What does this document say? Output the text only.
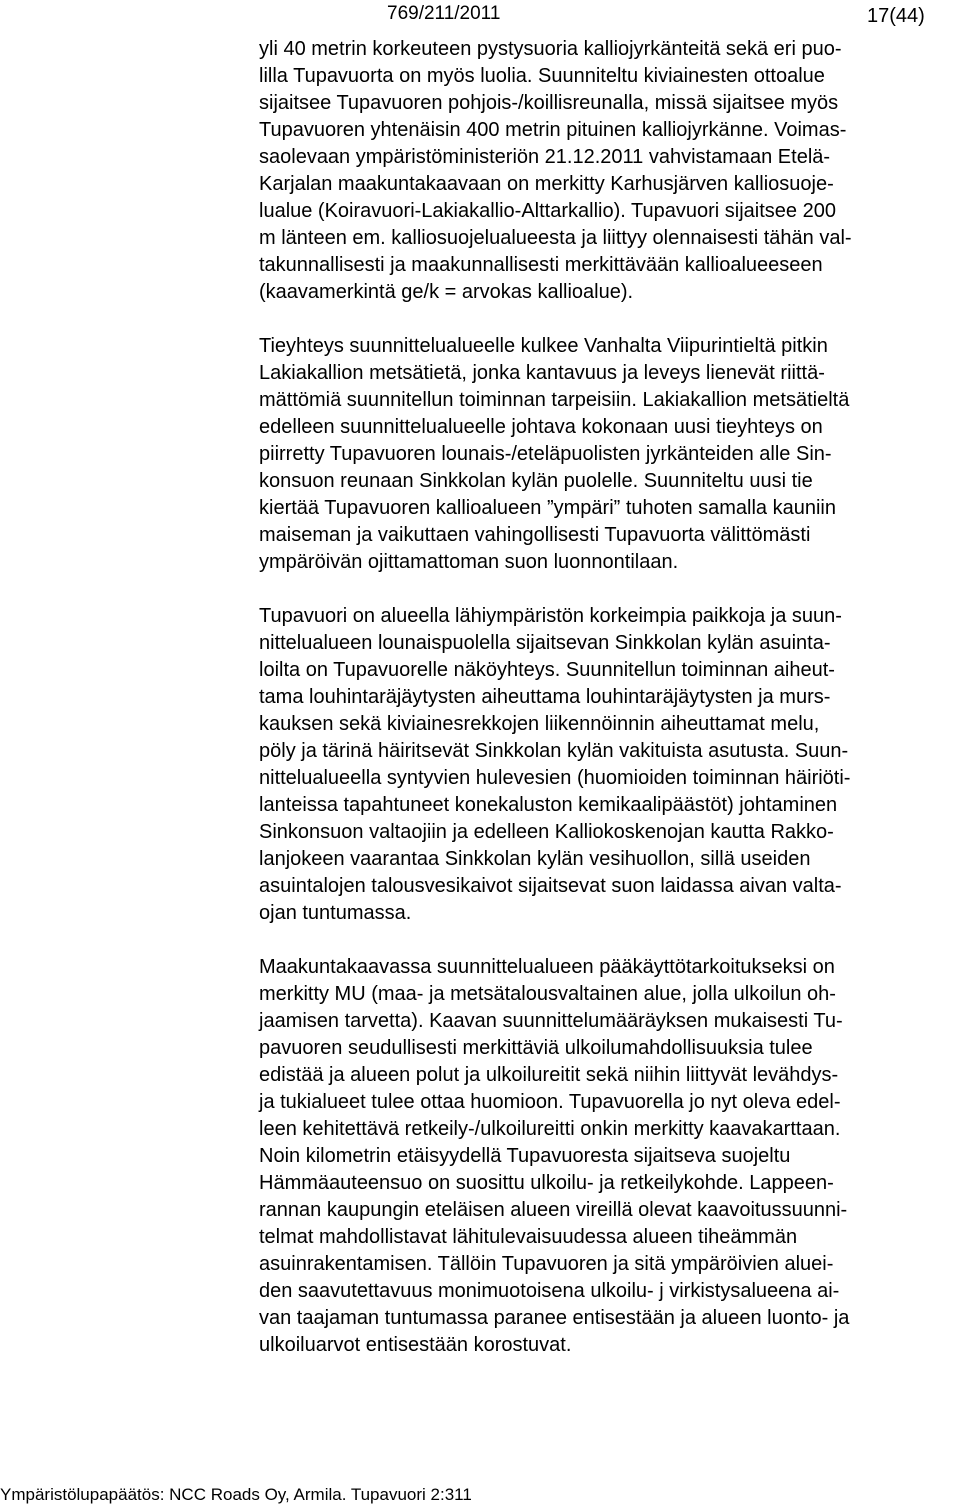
769/211/2011	17(44)
yli 40 metrin korkeuteen pystysuoria kalliojyrkänteitä sekä eri puo-
lilla Tupavuorta on myös luolia. Suunniteltu kiviainesten ottoalue
sijaitsee Tupavuoren pohjois-/koillisreunalla, missä sijaitsee myös
Tupavuoren yhtenäisin 400 metrin pituinen kalliojyrkänne. Voimas-
saolevaan ympäristöministeriön 21.12.2011 vahvistamaan Etelä-
Karjalan maakuntakaavaan on merkitty Karhusjärven kalliosuoje-
lualue (Koiravuori-Lakiakallio-Alttarkallio). Tupavuori sijaitsee 200
m länteen em. kalliosuojelualueesta ja liittyy olennaisesti tähän val-
takunnallisesti ja maakunnallisesti merkittävään kallioalueeseen
(kaavamerkintä ge/k = arvokas kallioalue).
Tieyhteys suunnittelualueelle kulkee Vanhalta Viipurintieltä pitkin
Lakiakallion metsätietä, jonka kantavuus ja leveys lienevät riittä-
mättömiä suunnitellun toiminnan tarpeisiin. Lakiakallion metsätieltä
edelleen suunnittelualueelle johtava kokonaan uusi tieyhteys on
piirretty Tupavuoren lounais-/eteläpuolisten jyrkänteiden alle Sin-
konsuon reunaan Sinkkolan kylän puolelle. Suunniteltu uusi tie
kiertää Tupavuoren kallioalueen ”ympäri” tuhoten samalla kauniin
maiseman ja vaikuttaen vahingollisesti Tupavuorta välittömästi
ympäröivän ojittamattoman suon luonnontilaan.
Tupavuori on alueella lähiympäristön korkeimpia paikkoja ja suun-
nittelualueen lounaispuolella sijaitsevan Sinkkolan kylän asuinta-
loilta on Tupavuorelle näköyhteys. Suunnitellun toiminnan aiheut-
tama louhintaräjäytysten aiheuttama louhintaräjäytysten ja murs-
kauksen sekä kiviainesrekkojen liikennöinnin aiheuttamat melu,
pöly ja tärinä häiritsevät Sinkkolan kylän vakituista asutusta. Suun-
nittelualueella syntyvien hulevesien (huomioiden toiminnan häiriöti-
lanteissa tapahtuneet konekaluston kemikaalipäästöt) johtaminen
Sinkonsuon valtaojiin ja edelleen Kalliokoskenojan kautta Rakko-
lanjokeen vaarantaa Sinkkolan kylän vesihuollon, sillä useiden
asuintalojen talousvesikaivot sijaitsevat suon laidassa aivan valta-
ojan tuntumassa.
Maakuntakaavassa suunnittelualueen pääkäyttötarkoitukseksi on
merkitty MU (maa- ja metsätalousvaltainen alue, jolla ulkoilun oh-
jaamisen tarvetta). Kaavan suunnittelumääräyksen mukaisesti Tu-
pavuoren seudullisesti merkittäviä ulkoilumahdollisuuksia tulee
edistää ja alueen polut ja ulkoilureitit sekä niihin liittyvät levähdys-
ja tukialueet tulee ottaa huomioon. Tupavuorella jo nyt oleva edel-
leen kehitettävä retkeily-/ulkoilureitti onkin merkitty kaavakarttaan.
Noin kilometrin etäisyydellä Tupavuoresta sijaitseva suojeltu
Hämmäauteensuo on suosittu ulkoilu- ja retkeilykohde. Lappeen-
rannan kaupungin eteläisen alueen vireillä olevat kaavoitussuunni-
telmat mahdollistavat lähitulevaisuudessa alueen tiheämmän
asuinrakentamisen. Tällöin Tupavuoren ja sitä ympäröivien aluei-
den saavutettavuus monimuotoisena ulkoilu- j virkistysalueena ai-
van taajaman tuntumassa paranee entisestään ja alueen luonto- ja
ulkoiluarvot entisestään korostuvat.
Ympäristölupapäätös: NCC Roads Oy, Armila. Tupavuori 2:311
